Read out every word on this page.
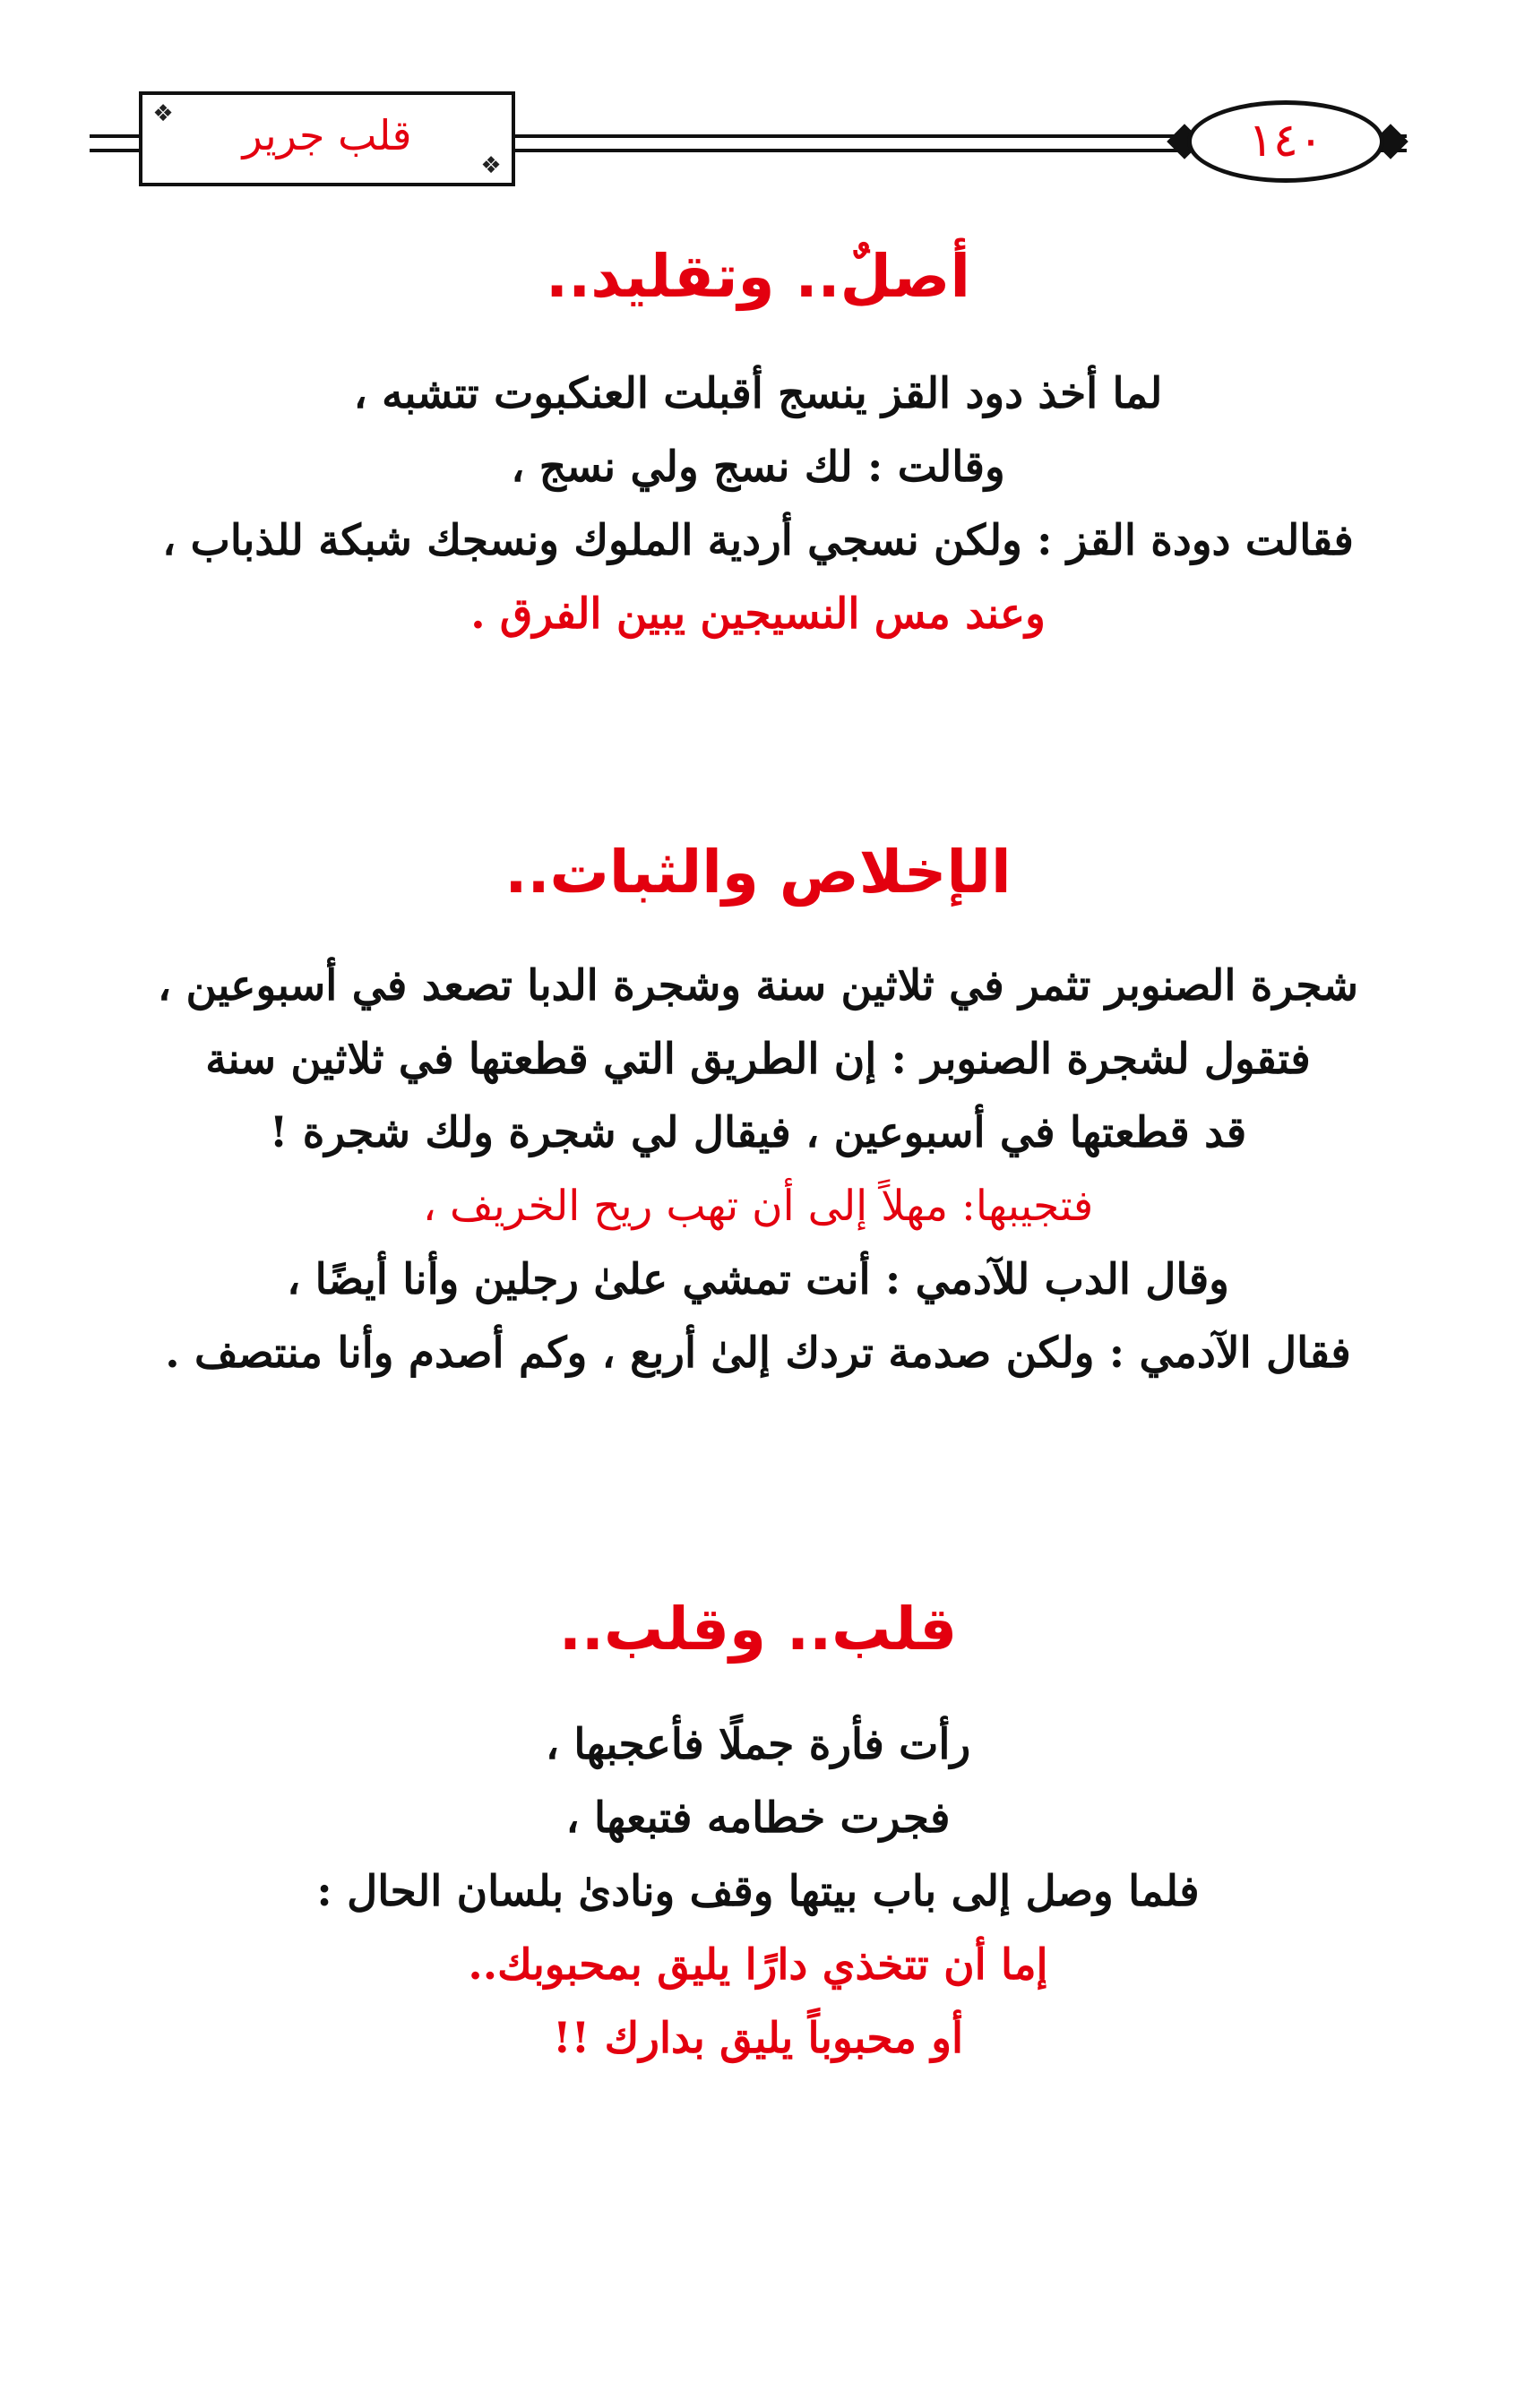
❖
❖
قلب جرير	١٤٠
أصلٌ.. وتقليد..
لما أخذ دود القز ينسج أقبلت العنكبوت تتشبه ،
وقالت : لك نسج ولي نسج ،
فقالت دودة القز : ولكن نسجي أردية الملوك ونسجك شبكة للذباب ،
وعند مس النسيجين يبين الفرق .
الإخلاص والثبات..
شجرة الصنوبر تثمر في ثلاثين سنة وشجرة الدبا تصعد في أسبوعين ،
فتقول لشجرة الصنوبر : إن الطريق التي قطعتها في ثلاثين سنة
قد قطعتها في أسبوعين ، فيقال لي شجرة ولك شجرة !
فتجيبها: مهلاً إلى أن تهب ريح الخريف ،
وقال الدب للآدمي : أنت تمشي علىٰ رجلين وأنا أيضًا ،
فقال الآدمي : ولكن صدمة تردك إلىٰ أربع ، وكم أصدم وأنا منتصف .
قلب.. وقلب..
رأت فأرة جملًا فأعجبها ،
فجرت خطامه فتبعها ،
فلما وصل إلى باب بيتها وقف ونادىٰ بلسان الحال :
إما أن تتخذي دارًا يليق بمحبوبك..
أو محبوباً يليق بدارك !!
